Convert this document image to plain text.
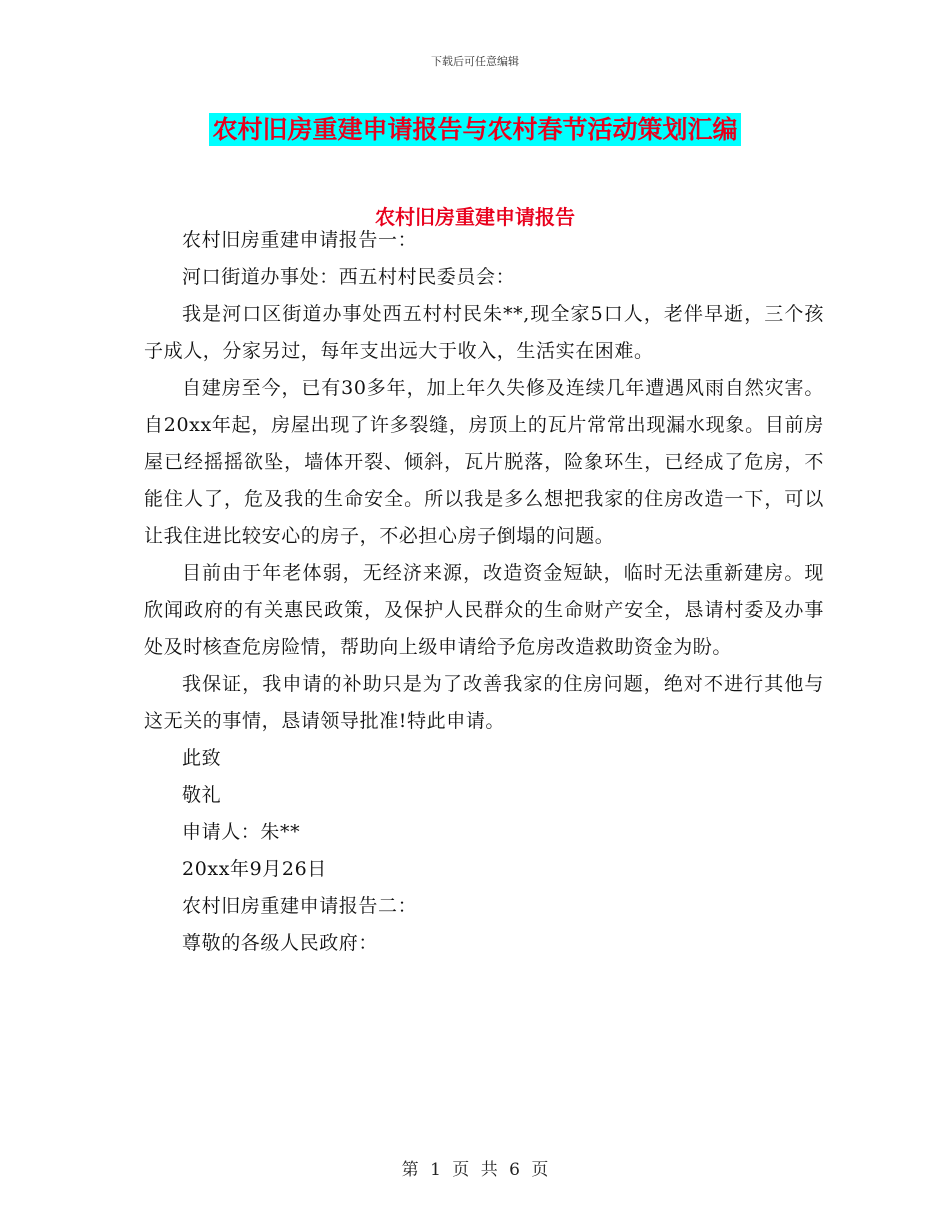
下载后可任意编辑
农村旧房重建申请报告与农村春节活动策划汇编
农村旧房重建申请报告

农村旧房重建申请报告一：

河口街道办事处：西五村村民委员会：

我是河口区街道办事处西五村村民朱**,现全家5口人，老伴早逝，三个孩子成人，分家另过，每年支出远大于收入，生活实在困难。

自建房至今，已有30多年，加上年久失修及连续几年遭遇风雨自然灾害。自20xx年起，房屋出现了许多裂缝，房顶上的瓦片常常出现漏水现象。目前房屋已经摇摇欲坠，墙体开裂、倾斜，瓦片脱落，险象环生，已经成了危房，不能住人了，危及我的生命安全。所以我是多么想把我家的住房改造一下，可以让我住进比较安心的房子，不必担心房子倒塌的问题。

目前由于年老体弱，无经济来源，改造资金短缺，临时无法重新建房。现欣闻政府的有关惠民政策，及保护人民群众的生命财产安全，恳请村委及办事处及时核查危房险情，帮助向上级申请给予危房改造救助资金为盼。

我保证，我申请的补助只是为了改善我家的住房问题，绝对不进行其他与这无关的事情，恳请领导批准!特此申请。

此致

敬礼

申请人：朱**

20xx年9月26日

农村旧房重建申请报告二：

尊敬的各级人民政府：

第 1 页 共 6 页
